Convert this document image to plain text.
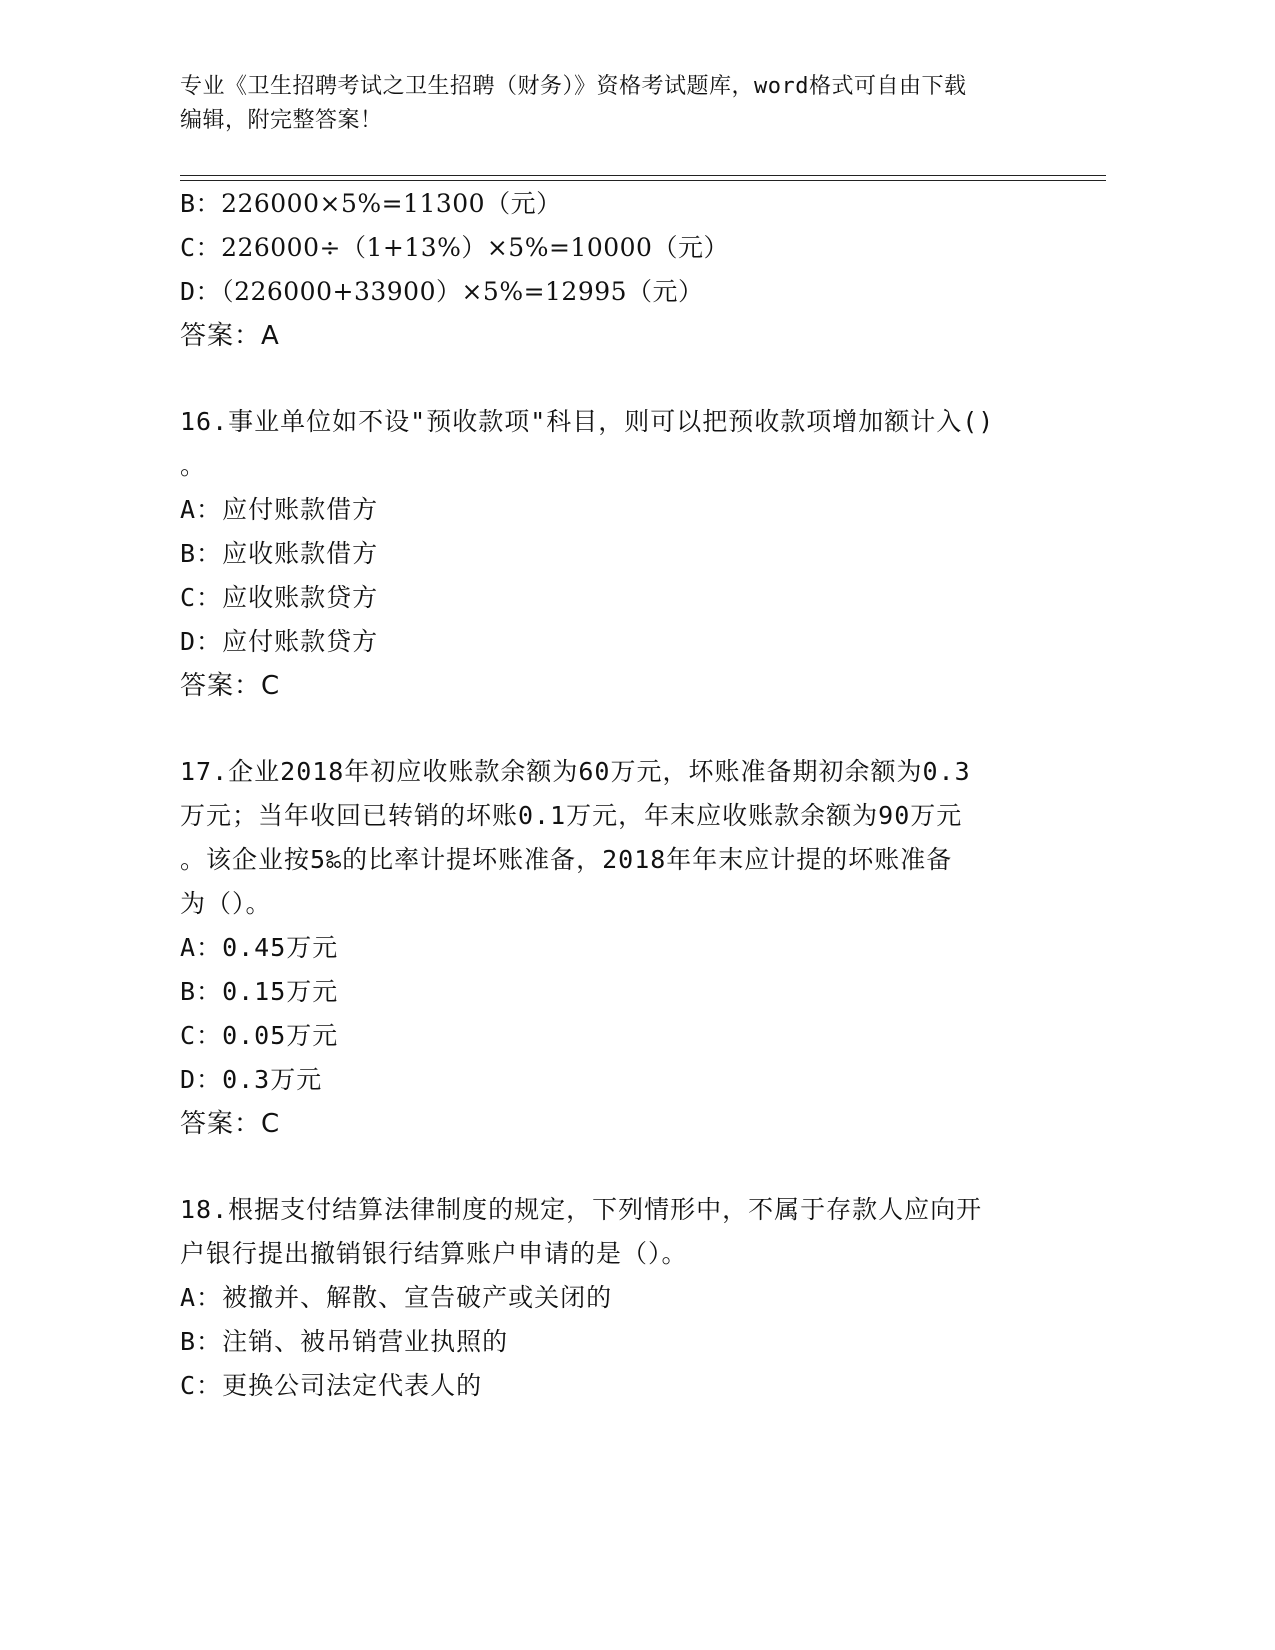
专业《卫生招聘考试之卫生招聘（财务）》资格考试题库，word格式可自由下载
编辑，附完整答案！
B：226000×5%=11300（元）
C：226000÷（1+13%）×5%=10000（元）
D：（226000+33900）×5%=12995（元）
答案：A
16.事业单位如不设"预收款项"科目，则可以把预收款项增加额计入()
。
A：应付账款借方
B：应收账款借方
C：应收账款贷方
D：应付账款贷方
答案：C
17.企业2018年初应收账款余额为60万元，坏账准备期初余额为0.3
万元；当年收回已转销的坏账0.1万元，年末应收账款余额为90万元
。该企业按5‰的比率计提坏账准备，2018年年末应计提的坏账准备
为（）。
A：0.45万元
B：0.15万元
C：0.05万元
D：0.3万元
答案：C
18.根据支付结算法律制度的规定，下列情形中，不属于存款人应向开
户银行提出撤销银行结算账户申请的是（）。
A：被撤并、解散、宣告破产或关闭的
B：注销、被吊销营业执照的
C：更换公司法定代表人的
